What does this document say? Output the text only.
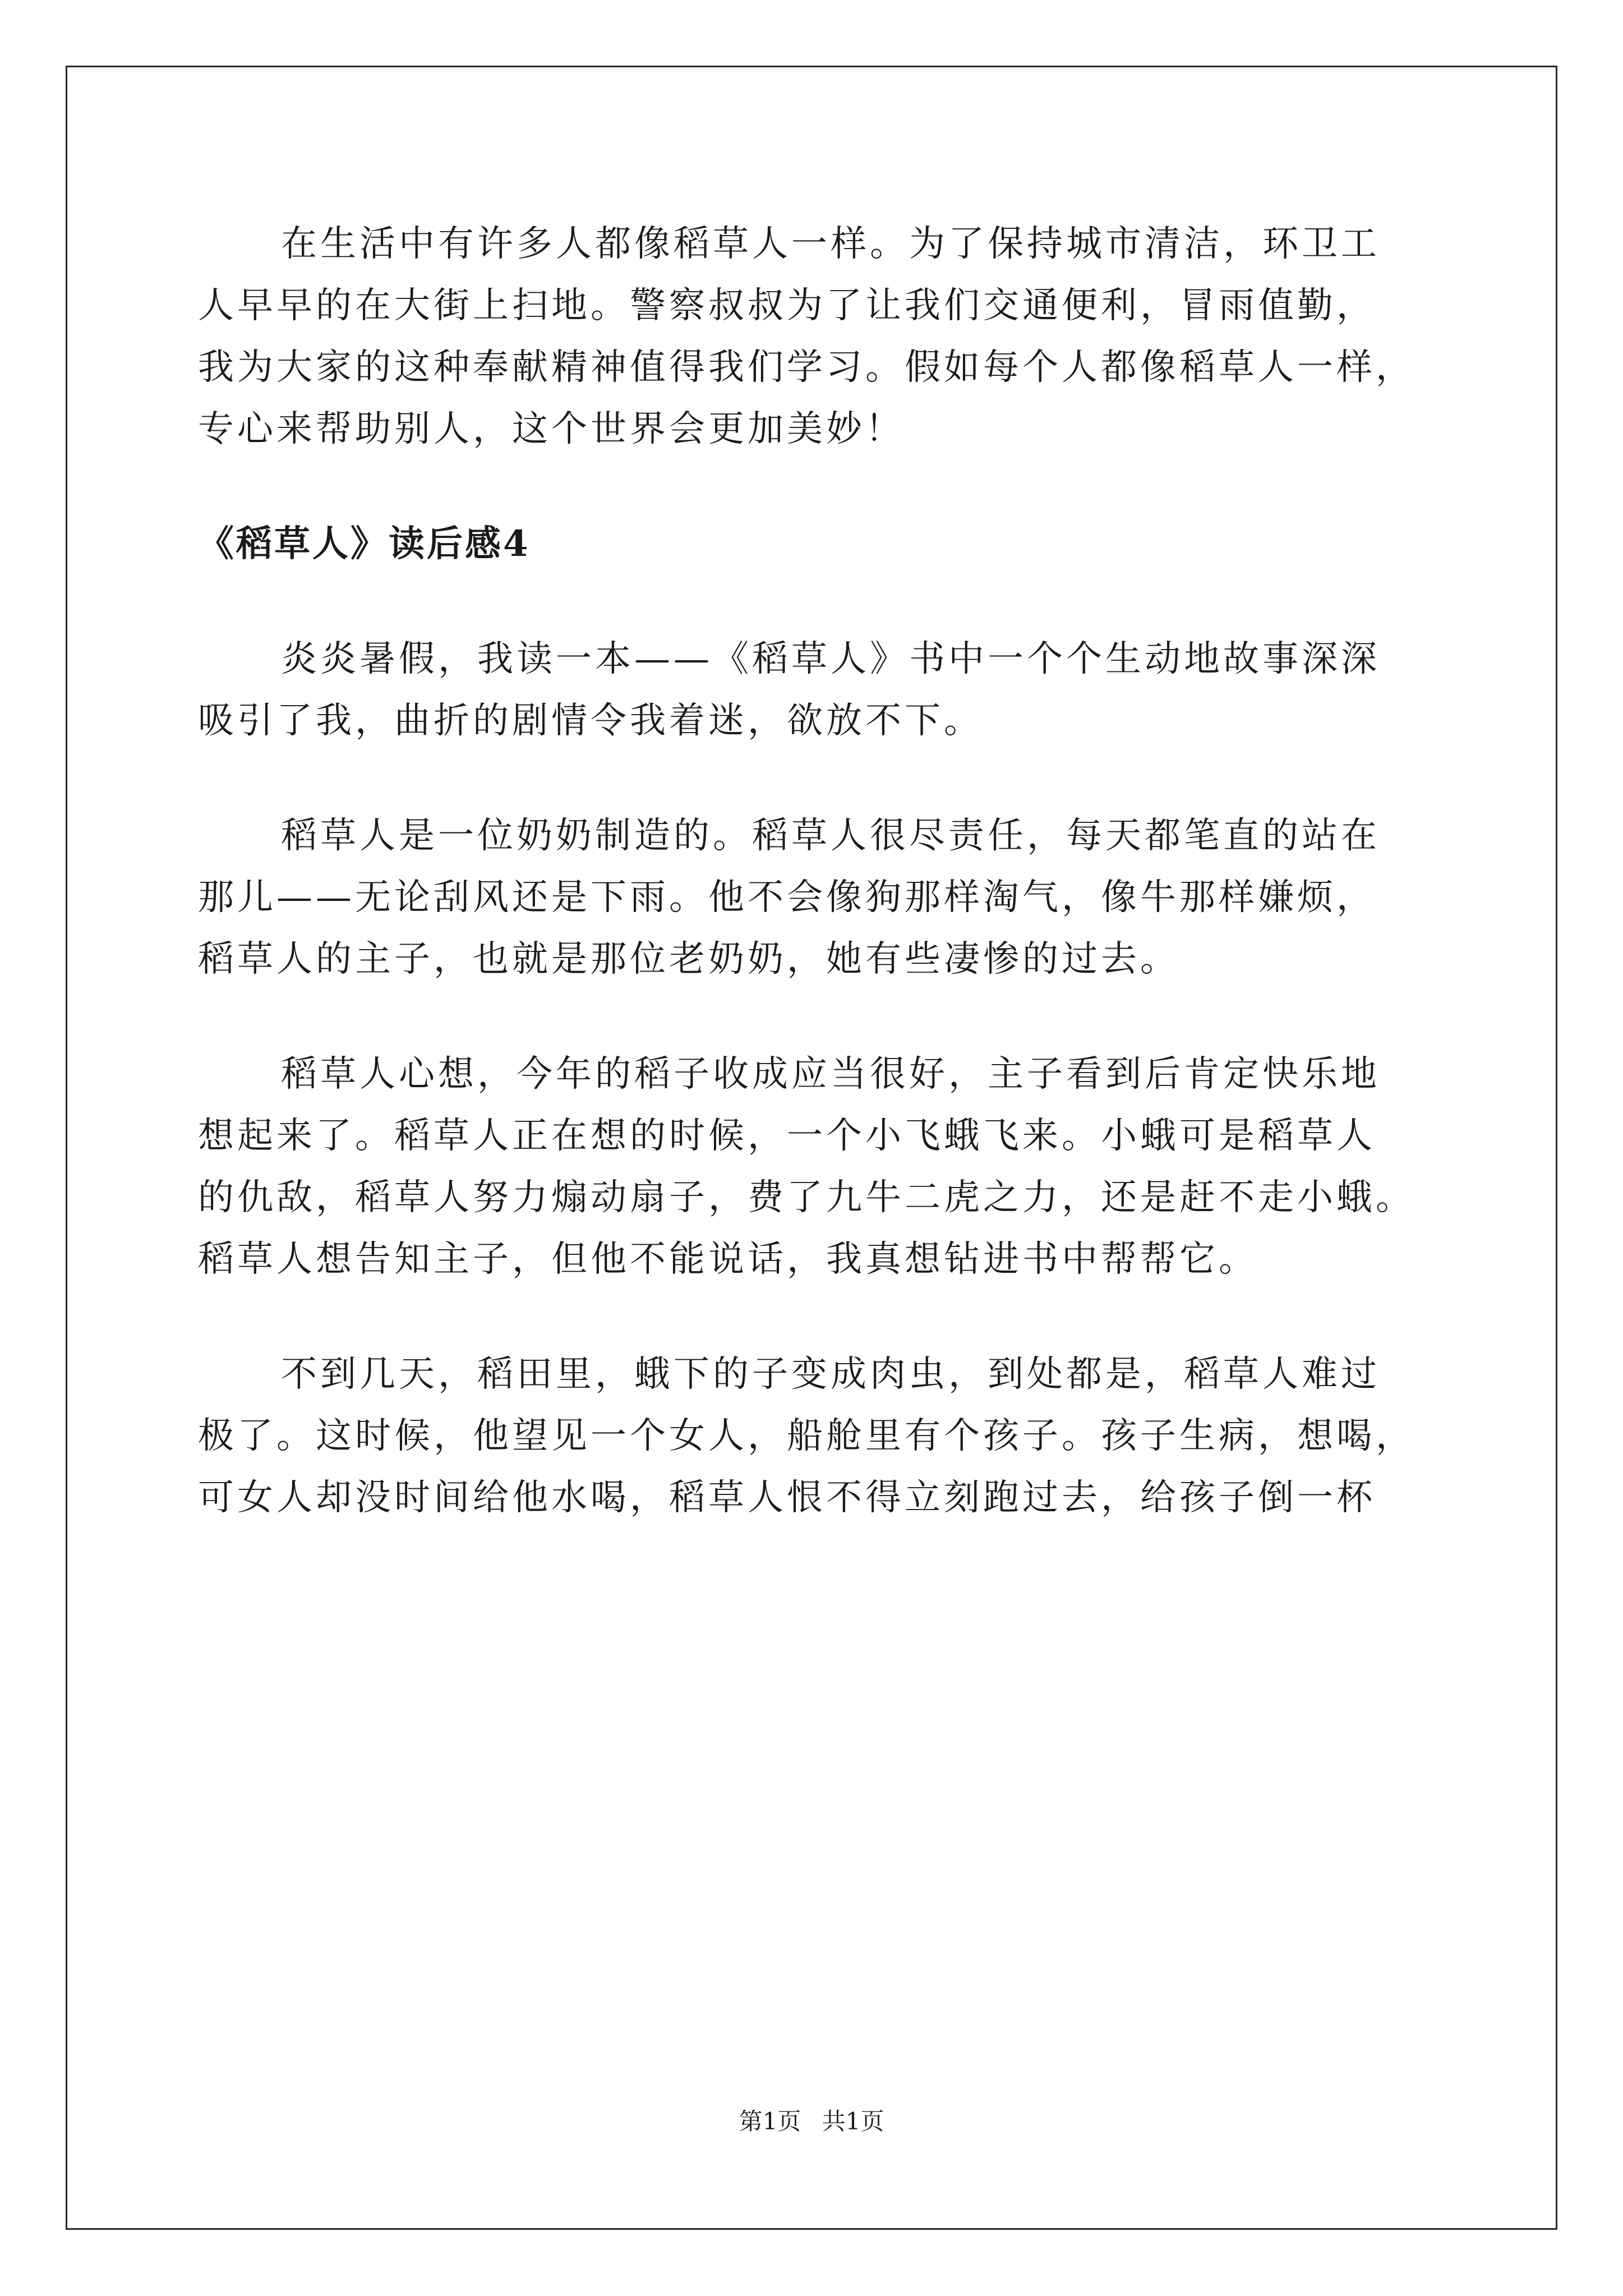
在生活中有许多人都像稻草人一样。为了保持城市清洁，环卫工

人早早的在大街上扫地。警察叔叔为了让我们交通便利，冒雨值勤，

我为大家的这种奉献精神值得我们学习。假如每个人都像稻草人一样，

专心来帮助别人，这个世界会更加美妙！

《稻草人》读后感4

炎炎暑假，我读一本——《稻草人》书中一个个生动地故事深深

吸引了我，曲折的剧情令我着迷，欲放不下。

稻草人是一位奶奶制造的。稻草人很尽责任，每天都笔直的站在

那儿——无论刮风还是下雨。他不会像狗那样淘气，像牛那样嫌烦，

稻草人的主子，也就是那位老奶奶，她有些凄惨的过去。

稻草人心想，今年的稻子收成应当很好，主子看到后肯定快乐地

想起来了。稻草人正在想的时候，一个小飞蛾飞来。小蛾可是稻草人

的仇敌，稻草人努力煽动扇子，费了九牛二虎之力，还是赶不走小蛾。

稻草人想告知主子，但他不能说话，我真想钻进书中帮帮它。

不到几天，稻田里，蛾下的子变成肉虫，到处都是，稻草人难过

极了。这时候，他望见一个女人，船舱里有个孩子。孩子生病，想喝，

可女人却没时间给他水喝，稻草人恨不得立刻跑过去，给孩子倒一杯

第1页 共1页
